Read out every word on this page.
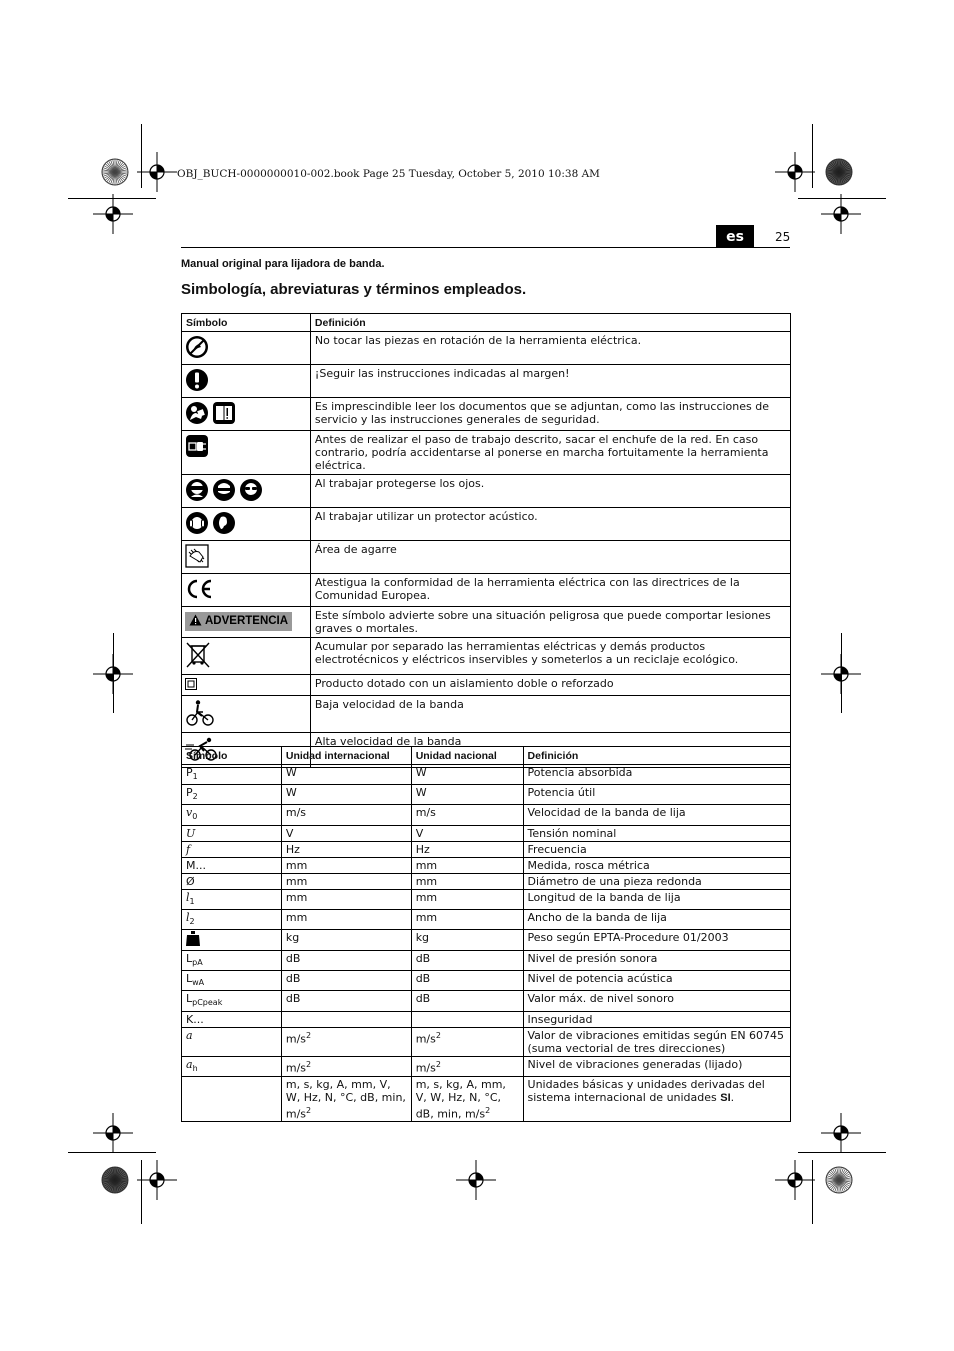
OBJ_BUCH-0000000010-002.book Page 25 Tuesday, October 5, 2010 10:38 AM
es	25
Manual original para lijadora de banda.
Simbología, abreviaturas y términos empleados.
Símbolo	Definición
	No tocar las piezas en rotación de la herramienta eléctrica.
	¡Seguir las instrucciones indicadas al margen!
	Es imprescindible leer los documentos que se adjuntan, como las instrucciones de servicio y las instrucciones generales de seguridad.
	Antes de realizar el paso de trabajo descrito, sacar el enchufe de la red. En caso contrario, podría accidentarse al ponerse en marcha fortuitamente la herramienta eléctrica.
	Al trabajar protegerse los ojos.
	Al trabajar utilizar un protector acústico.
	Área de agarre
	Atestigua la conformidad de la herramienta eléctrica con las directrices de la Comunidad Europea.
ADVERTENCIA	Este símbolo advierte sobre una situación peligrosa que puede comportar lesiones graves o mortales.
	Acumular por separado las herramientas eléctricas y demás productos electrotécnicos y eléctricos inservibles y someterlos a un reciclaje ecológico.
	Producto dotado con un aislamiento doble o reforzado
	Baja velocidad de la banda
	Alta velocidad de la banda
Símbolo	Unidad internacional	Unidad nacional	Definición
$P_1$	W	W	Potencia absorbida
$P_2$	W	W	Potencia útil
$v_0$	m/s	m/s	Velocidad de la banda de lija
U	V	V	Tensión nominal
f	Hz	Hz	Frecuencia
M...	mm	mm	Medida, rosca métrica
Ø	mm	mm	Diámetro de una pieza redonda
$l_1$	mm	mm	Longitud de la banda de lija
$l_2$	mm	mm	Ancho de la banda de lija
	kg	kg	Peso según EPTA-Procedure 01/2003
$L_{pA}$	dB	dB	Nivel de presión sonora
$L_{wA}$	dB	dB	Nivel de potencia acústica
$L_{pCpeak}$	dB	dB	Valor máx. de nivel sonoro
K...			Inseguridad
a	$m/s^2$	$m/s^2$	Valor de vibraciones emitidas según EN 60745 (suma vectorial de tres direcciones)
$a_h$	$m/s^2$	$m/s^2$	Nivel de vibraciones generadas (lijado)
	m, s, kg, A, mm, V, W, Hz, N, °C, dB, min, $m/s^2$	m, s, kg, A, mm, V, W, Hz, N, °C, dB, min, $m/s^2$	Unidades básicas y unidades derivadas del sistema internacional de unidades SI.
